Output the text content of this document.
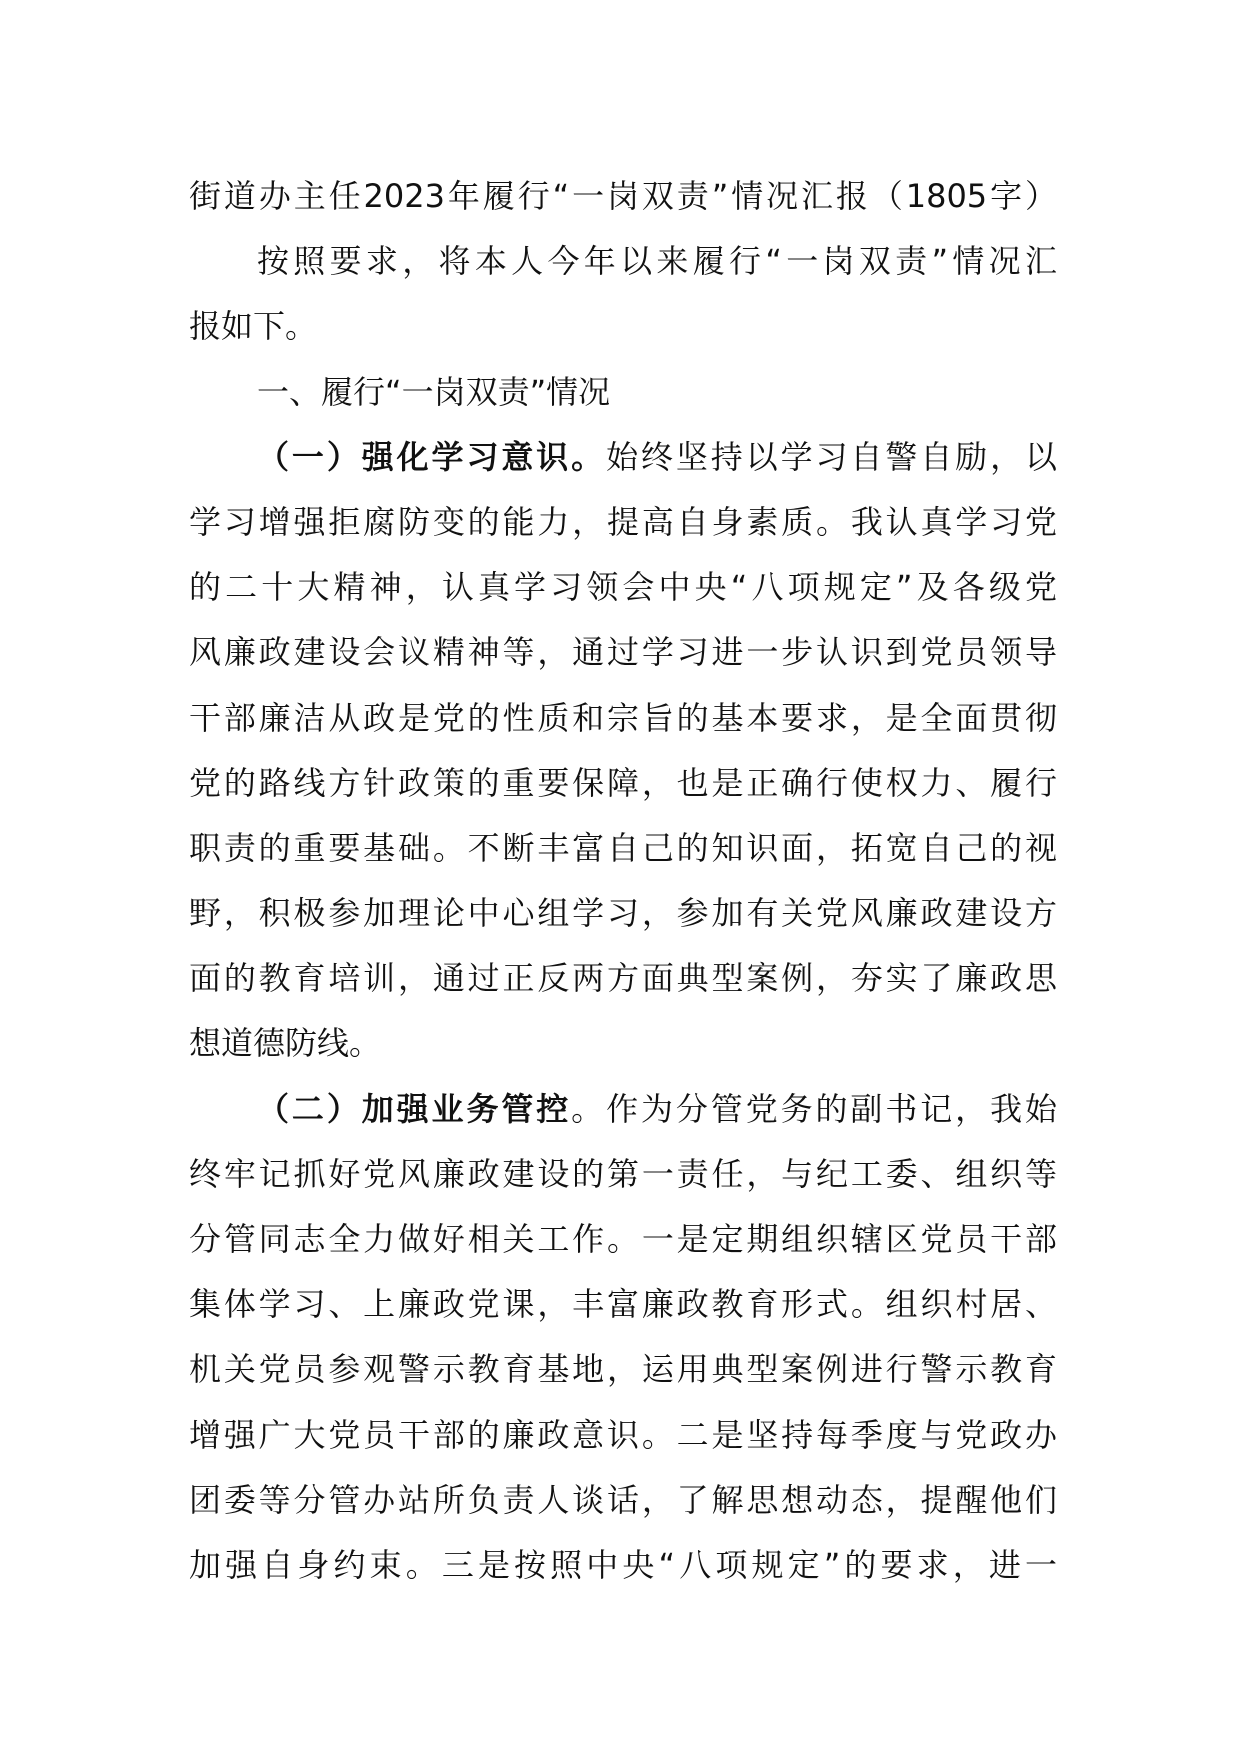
街道办主任2023年履行“一岗双责”情况汇报（1805字）
按照要求，将本人今年以来履行“一岗双责”情况汇
报如下。
一、履行“一岗双责”情况
（一）强化学习意识。始终坚持以学习自警自励，以
学习增强拒腐防变的能力，提高自身素质。我认真学习党
的二十大精神，认真学习领会中央“八项规定”及各级党
风廉政建设会议精神等，通过学习进一步认识到党员领导
干部廉洁从政是党的性质和宗旨的基本要求，是全面贯彻
党的路线方针政策的重要保障，也是正确行使权力、履行
职责的重要基础。不断丰富自己的知识面，拓宽自己的视
野，积极参加理论中心组学习，参加有关党风廉政建设方
面的教育培训，通过正反两方面典型案例，夯实了廉政思
想道德防线。
（二）加强业务管控。作为分管党务的副书记，我始
终牢记抓好党风廉政建设的第一责任，与纪工委、组织等
分管同志全力做好相关工作。一是定期组织辖区党员干部
集体学习、上廉政党课，丰富廉政教育形式。组织村居、
机关党员参观警示教育基地，运用典型案例进行警示教育
增强广大党员干部的廉政意识。二是坚持每季度与党政办
团委等分管办站所负责人谈话，了解思想动态，提醒他们
加强自身约束。三是按照中央“八项规定”的要求，进一
